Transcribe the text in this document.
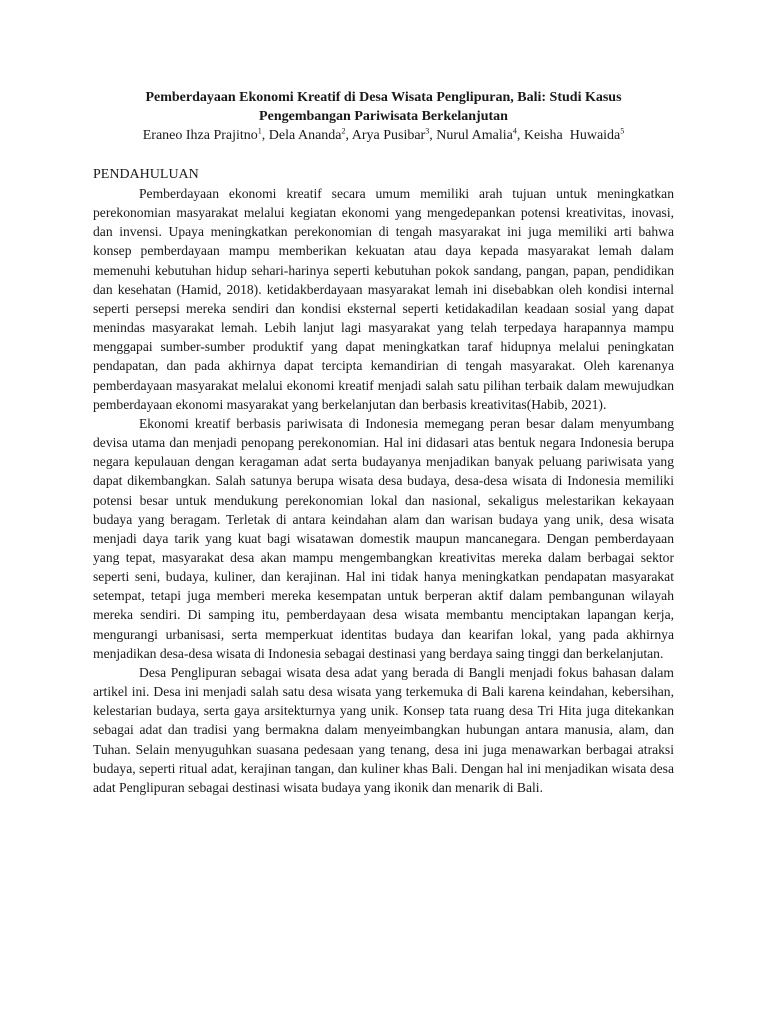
Pemberdayaan Ekonomi Kreatif di Desa Wisata Penglipuran, Bali: Studi Kasus
Pengembangan Pariwisata Berkelanjutan

Eraneo Ihza Prajitno$^1$, Dela Ananda$^2$, Arya Pusibar$^3$, Nurul Amalia$^4$, Keisha  Huwaida$^5$

PENDAHULUAN

Pemberdayaan ekonomi kreatif secara umum memiliki arah tujuan untuk meningkatkan perekonomian masyarakat melalui kegiatan ekonomi yang mengedepankan potensi kreativitas, inovasi, dan invensi. Upaya meningkatkan perekonomian di tengah masyarakat ini juga memiliki arti bahwa konsep pemberdayaan mampu memberikan kekuatan atau daya kepada masyarakat lemah dalam memenuhi kebutuhan hidup sehari-harinya seperti kebutuhan pokok sandang, pangan, papan, pendidikan dan kesehatan (Hamid, 2018). ketidakberdayaan masyarakat lemah ini disebabkan oleh kondisi internal seperti persepsi mereka sendiri dan kondisi eksternal seperti ketidakadilan keadaan sosial yang dapat menindas masyarakat lemah. Lebih lanjut lagi masyarakat yang telah terpedaya harapannya mampu menggapai sumber-sumber produktif yang dapat meningkatkan taraf hidupnya melalui peningkatan pendapatan, dan pada akhirnya dapat tercipta kemandirian di tengah masyarakat. Oleh karenanya pemberdayaan masyarakat melalui ekonomi kreatif menjadi salah satu pilihan terbaik dalam mewujudkan pemberdayaan ekonomi masyarakat yang berkelanjutan dan berbasis kreativitas(Habib, 2021).

Ekonomi kreatif berbasis pariwisata di Indonesia memegang peran besar dalam menyumbang devisa utama dan menjadi penopang perekonomian. Hal ini didasari atas bentuk negara Indonesia berupa negara kepulauan dengan keragaman adat serta budayanya menjadikan banyak peluang pariwisata yang dapat dikembangkan. Salah satunya berupa wisata desa budaya, desa-desa wisata di Indonesia memiliki potensi besar untuk mendukung perekonomian lokal dan nasional, sekaligus melestarikan kekayaan budaya yang beragam. Terletak di antara keindahan alam dan warisan budaya yang unik, desa wisata menjadi daya tarik yang kuat bagi wisatawan domestik maupun mancanegara. Dengan pemberdayaan yang tepat, masyarakat desa akan mampu mengembangkan kreativitas mereka dalam berbagai sektor seperti seni, budaya, kuliner, dan kerajinan. Hal ini tidak hanya meningkatkan pendapatan masyarakat setempat, tetapi juga memberi mereka kesempatan untuk berperan aktif dalam pembangunan wilayah mereka sendiri. Di samping itu, pemberdayaan desa wisata membantu menciptakan lapangan kerja, mengurangi urbanisasi, serta memperkuat identitas budaya dan kearifan lokal, yang pada akhirnya menjadikan desa-desa wisata di Indonesia sebagai destinasi yang berdaya saing tinggi dan berkelanjutan.

Desa Penglipuran sebagai wisata desa adat yang berada di Bangli menjadi fokus bahasan dalam artikel ini. Desa ini menjadi salah satu desa wisata yang terkemuka di Bali karena keindahan, kebersihan, kelestarian budaya, serta gaya arsitekturnya yang unik. Konsep tata ruang desa Tri Hita juga ditekankan sebagai adat dan tradisi yang bermakna dalam menyeimbangkan hubungan antara manusia, alam, dan Tuhan. Selain menyuguhkan suasana pedesaan yang tenang, desa ini juga menawarkan berbagai atraksi budaya, seperti ritual adat, kerajinan tangan, dan kuliner khas Bali. Dengan hal ini menjadikan wisata desa adat Penglipuran sebagai destinasi wisata budaya yang ikonik dan menarik di Bali.
